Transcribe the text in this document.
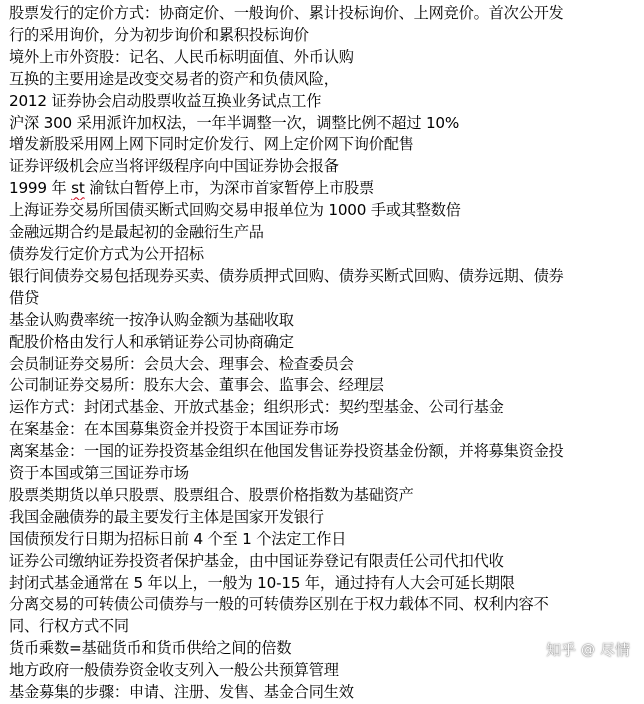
股票发行的定价方式：协商定价、一般询价、累计投标询价、上网竞价。首次公开发
行的采用询价，分为初步询价和累积投标询价
境外上市外资股：记名、人民币标明面值、外币认购
互换的主要用途是改变交易者的资产和负债风险，
2012 证券协会启动股票收益互换业务试点工作
沪深 300 采用派许加权法，一年半调整一次，调整比例不超过 10%
增发新股采用网上网下同时定价发行、网上定价网下询价配售
证券评级机会应当将评级程序向中国证券协会报备
1999 年 st 渝钛白暂停上市，为深市首家暂停上市股票
上海证券交易所国债买断式回购交易申报单位为 1000 手或其整数倍
金融远期合约是最起初的金融衍生产品
债券发行定价方式为公开招标
银行间债券交易包括现券买卖、债券质押式回购、债券买断式回购、债券远期、债券
借贷
基金认购费率统一按净认购金额为基础收取
配股价格由发行人和承销证券公司协商确定
会员制证券交易所：会员大会、理事会、检查委员会
公司制证券交易所：股东大会、董事会、监事会、经理层
运作方式：封闭式基金、开放式基金；组织形式：契约型基金、公司行基金
在案基金：在本国募集资金并投资于本国证券市场
离案基金：一国的证券投资基金组织在他国发售证券投资基金份额，并将募集资金投
资于本国或第三国证券市场
股票类期货以单只股票、股票组合、股票价格指数为基础资产
我国金融债券的最主要发行主体是国家开发银行
国债预发行日期为招标日前 4 个至 1 个法定工作日
证券公司缴纳证券投资者保护基金，由中国证券登记有限责任公司代扣代收
封闭式基金通常在 5 年以上，一般为 10-15 年，通过持有人大会可延长期限
分离交易的可转债公司债券与一般的可转债券区别在于权力载体不同、权利内容不
同、行权方式不同
货币乘数=基础货币和货币供给之间的倍数
地方政府一般债券资金收支列入一般公共预算管理
基金募集的步骤：申请、注册、发售、基金合同生效
知乎 @ 尽情
